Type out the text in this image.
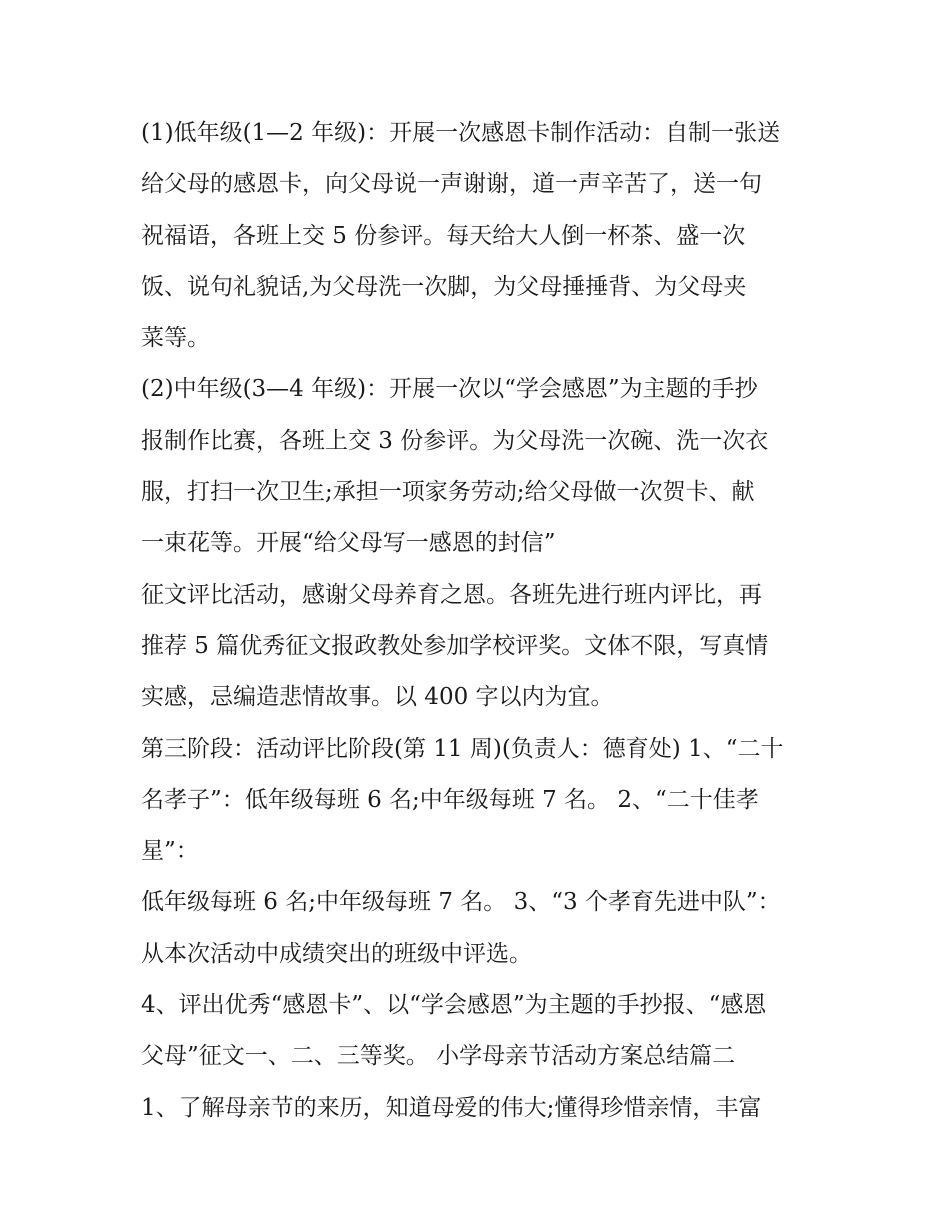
(1)低年级(1—2 年级)：开展一次感恩卡制作活动：自制一张送
给父母的感恩卡，向父母说一声谢谢，道一声辛苦了，送一句
祝福语，各班上交 5 份参评。每天给大人倒一杯茶、盛一次
饭、说句礼貌话,为父母洗一次脚，为父母捶捶背、为父母夹
菜等。
(2)中年级(3—4 年级)：开展一次以“学会感恩”为主题的手抄
报制作比赛，各班上交 3 份参评。为父母洗一次碗、洗一次衣
服，打扫一次卫生;承担一项家务劳动;给父母做一次贺卡、献
一束花等。开展“给父母写一感恩的封信”
征文评比活动，感谢父母养育之恩。各班先进行班内评比，再
推荐 5 篇优秀征文报政教处参加学校评奖。文体不限，写真情
实感，忌编造悲情故事。以 400 字以内为宜。
第三阶段：活动评比阶段(第 11 周)(负责人：德育处) 1、“二十
名孝子”：低年级每班 6 名;中年级每班 7 名。 2、“二十佳孝
星”：
低年级每班 6 名;中年级每班 7 名。 3、“3 个孝育先进中队”：
从本次活动中成绩突出的班级中评选。
4、评出优秀“感恩卡”、以“学会感恩”为主题的手抄报、“感恩
父母”征文一、二、三等奖。 小学母亲节活动方案总结篇二
1、了解母亲节的来历，知道母爱的伟大;懂得珍惜亲情，丰富
